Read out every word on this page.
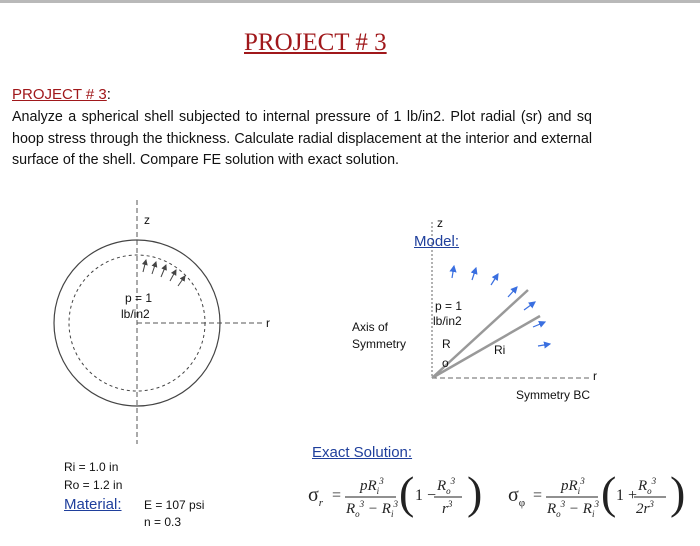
PROJECT # 3
PROJECT # 3:
Analyze a spherical shell subjected to internal pressure of 1 lb/in2. Plot radial (sr) and sq hoop stress through the thickness. Calculate radial displacement at the interior and external surface of the shell. Compare FE solution with exact solution.
z
p = 1
lb/in2
r
z
Model:
p = 1
lb/in2
Axis of
Symmetry	R
o
Ri
r
Symmetry BC
Ri = 1.0 in
Ro = 1.2 in
Material: E = 107 psi
n = 0.3
Exact Solution:
$\sigma_r$ =
$pR_i^3$
$R_o^3 - R_i^3$ ( 1 −
$R_o^3$
$r^3$ ) $\sigma_\varphi$ =
$pR_i^3$
$R_o^3 - R_i^3$ ( 1 +
$R_o^3$
$2r^3$ )
